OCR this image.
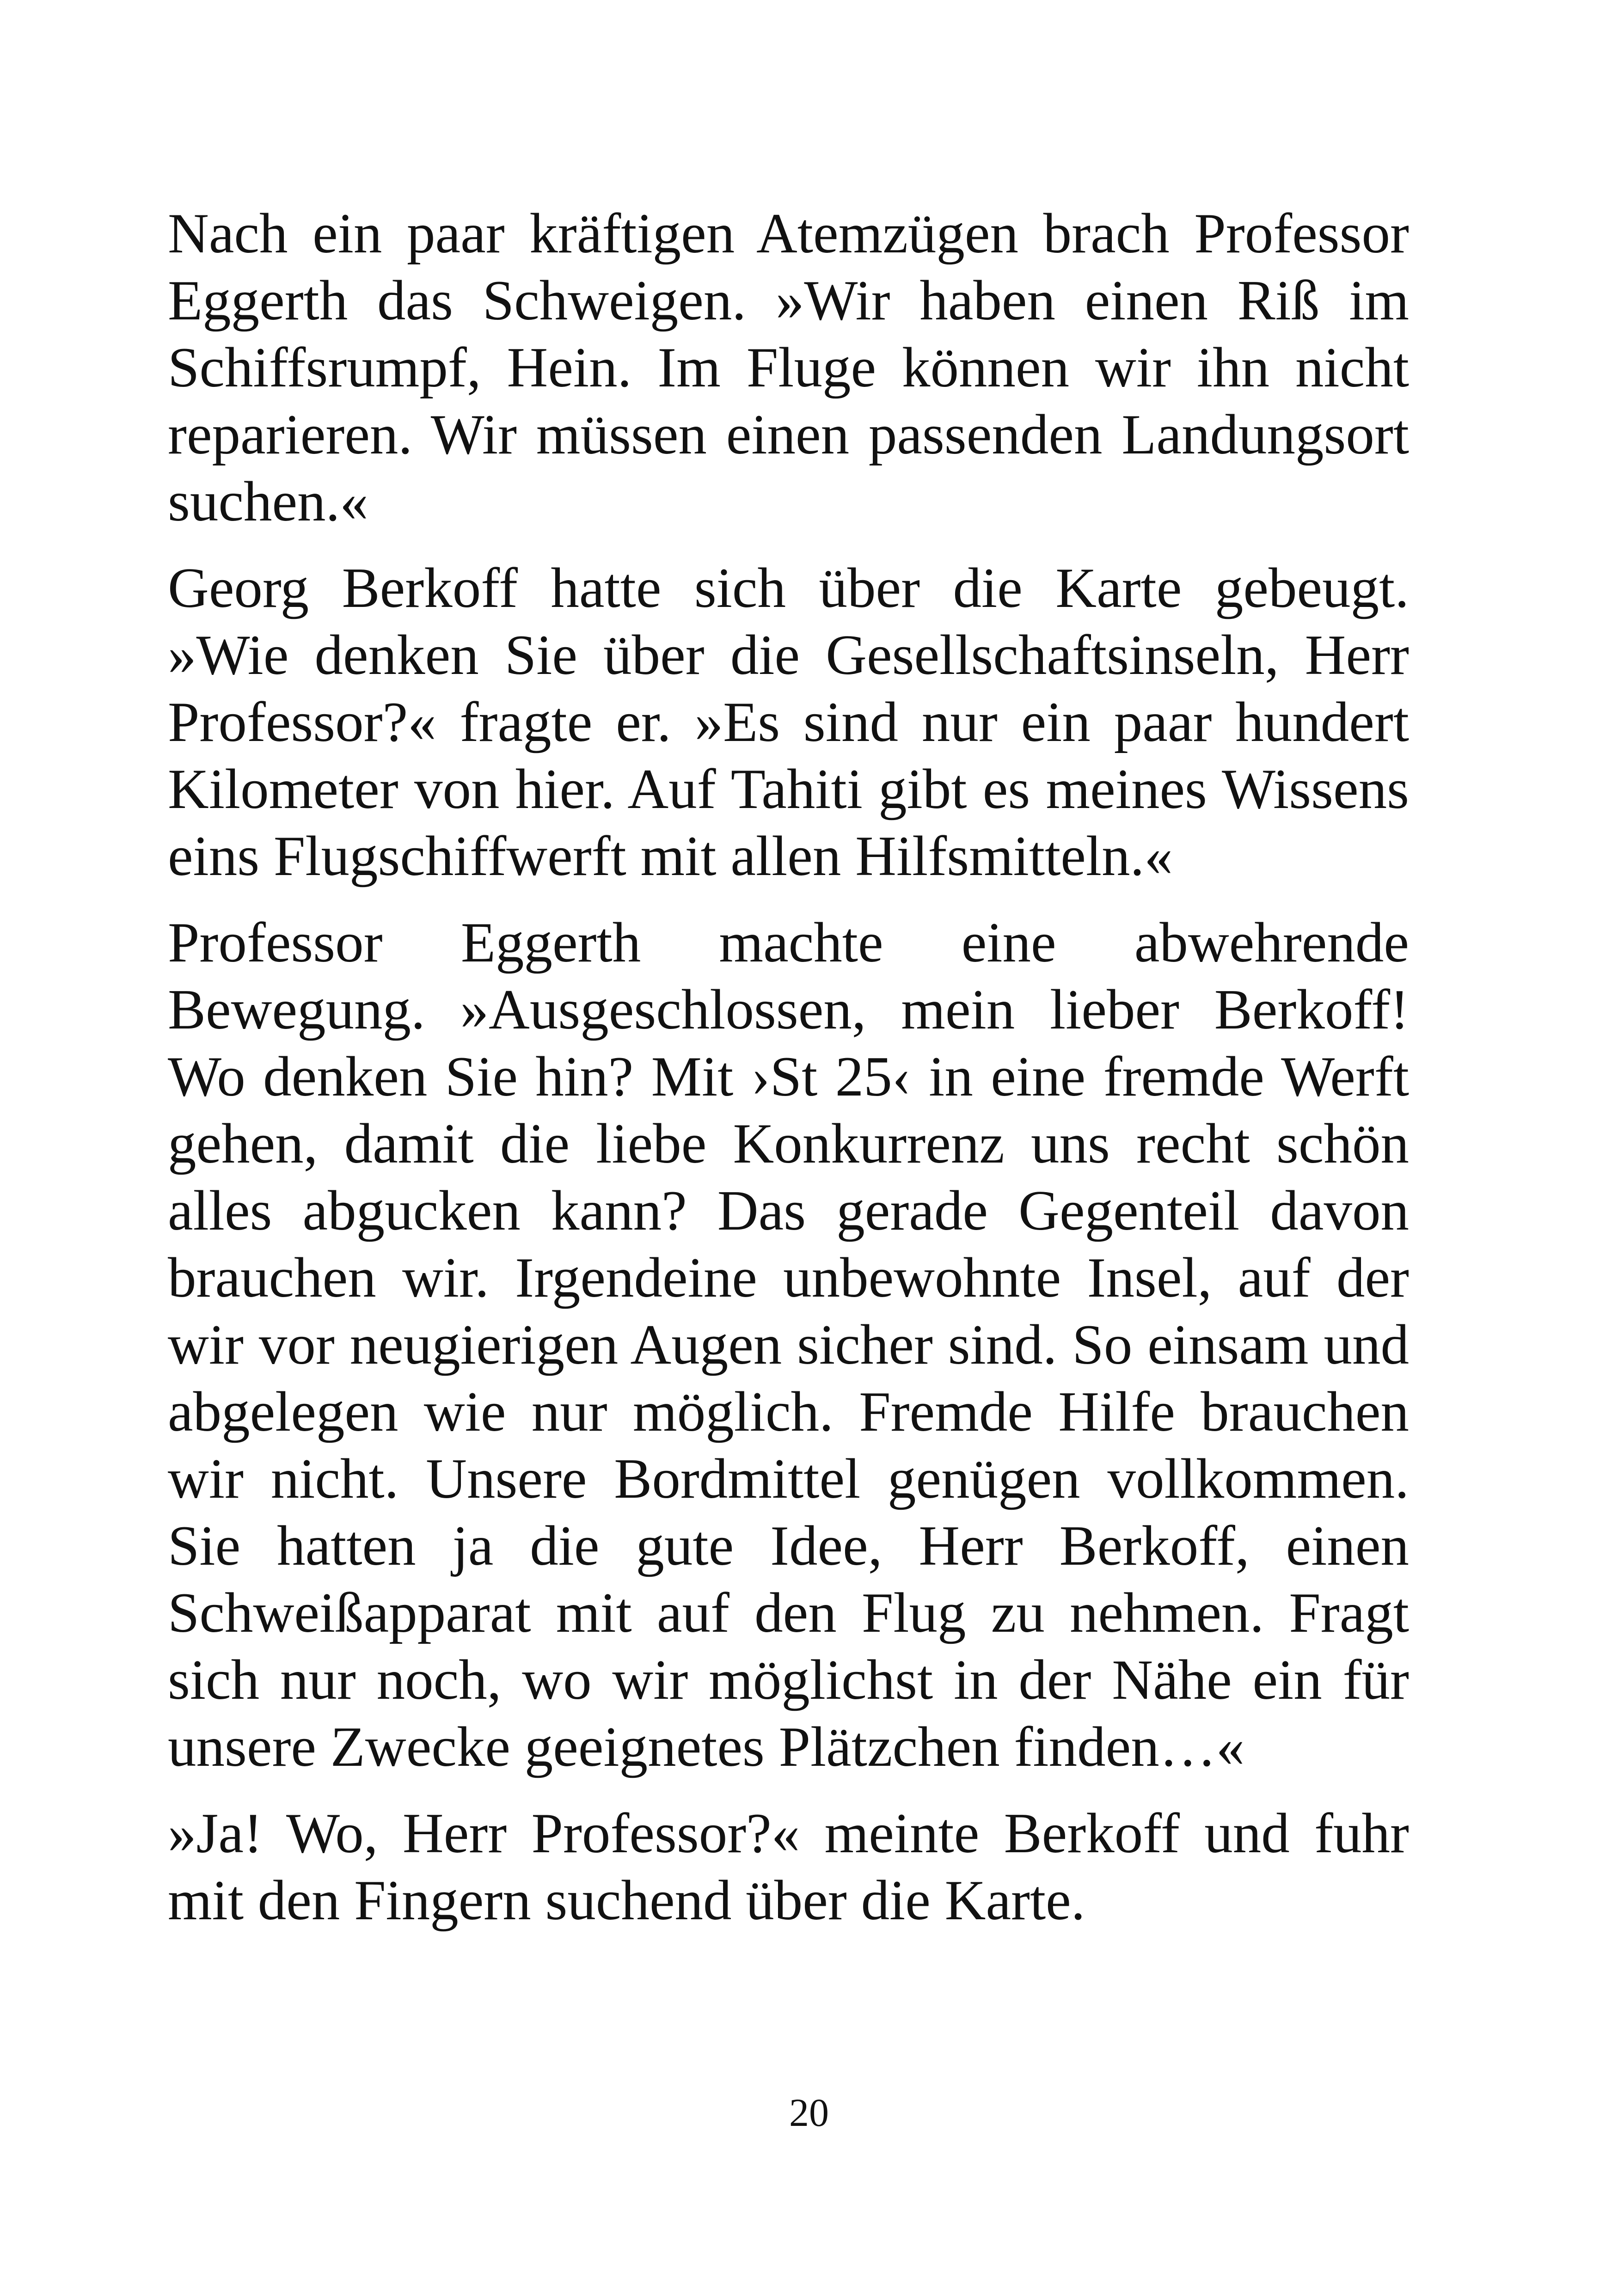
Nach ein paar kräftigen Atemzügen brach Professor Eggerth das Schweigen. »Wir haben einen Riß im Schiffsrumpf, Hein. Im Fluge können wir ihn nicht reparieren. Wir müssen einen passenden Landungsort suchen.«

Georg Berkoff hatte sich über die Karte gebeugt. »Wie denken Sie über die Gesellschaftsinseln, Herr Professor?« fragte er. »Es sind nur ein paar hundert Kilometer von hier. Auf Tahiti gibt es meines Wissens eins Flugschiffwerft mit allen Hilfsmitteln.«

Professor Eggerth machte eine abwehrende Bewegung. »Ausgeschlossen, mein lieber Berkoff! Wo denken Sie hin? Mit ›St 25‹ in eine fremde Werft gehen, damit die liebe Konkurrenz uns recht schön alles abgucken kann? Das gerade Gegenteil davon brauchen wir. Irgendeine unbewohnte Insel, auf der wir vor neugierigen Augen sicher sind. So einsam und abgelegen wie nur möglich. Fremde Hilfe brauchen wir nicht. Unsere Bordmittel genügen vollkommen. Sie hatten ja die gute Idee, Herr Berkoff, einen Schweißapparat mit auf den Flug zu nehmen. Fragt sich nur noch, wo wir möglichst in der Nähe ein für unsere Zwecke geeignetes Plätzchen finden…«

»Ja! Wo, Herr Professor?« meinte Berkoff und fuhr mit den Fingern suchend über die Karte.

20
